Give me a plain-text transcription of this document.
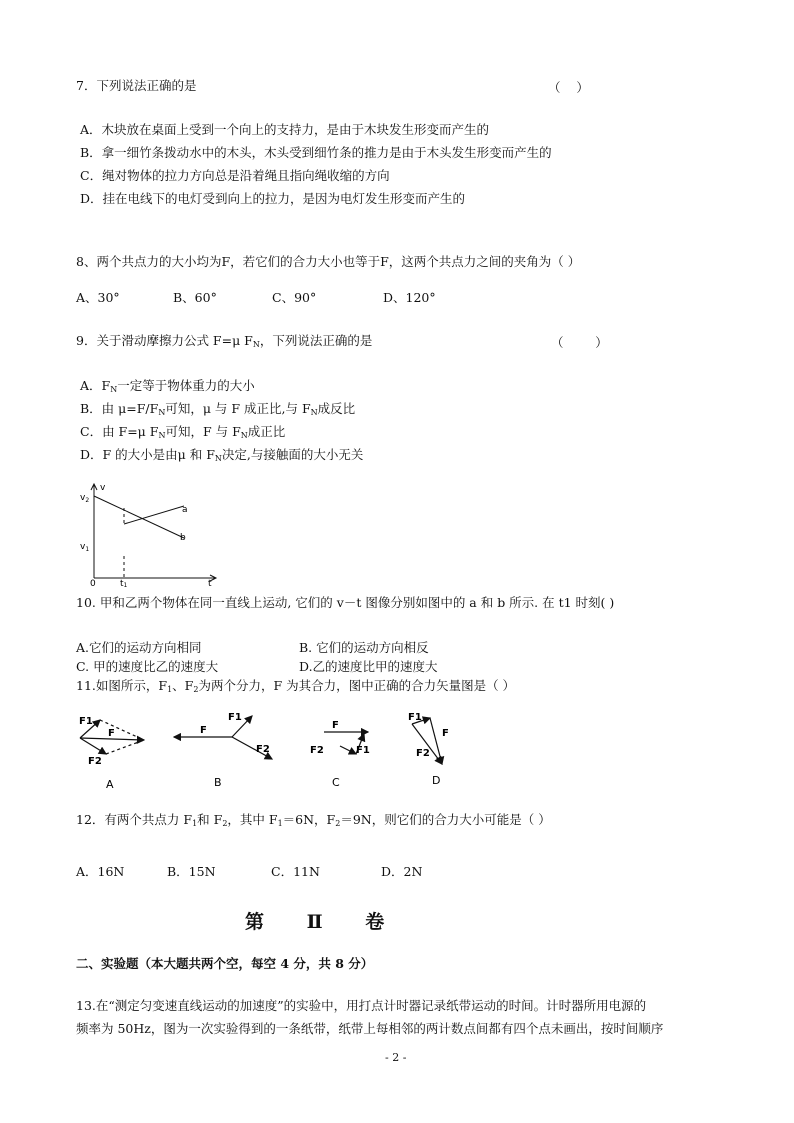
7．下列说法正确的是	（    ）
A．木块放在桌面上受到一个向上的支持力，是由于木块发生形变而产生的
B．拿一细竹条拨动水中的木头，木头受到细竹条的推力是由于木头发生形变而产生的
C．绳对物体的拉力方向总是沿着绳且指向绳收缩的方向
D．挂在电线下的电灯受到向上的拉力，是因为电灯发生形变而产生的
8、两个共点力的大小均为F，若它们的合力大小也等于F，这两个共点力之间的夹角为（ ）
A、30°	B、60°	C、90°	D、120°
9．关于滑动摩擦力公式 F=μ $F_N$，下列说法正确的是	（        ）
A．$F_N$一定等于物体重力的大小
B．由 $\mu=F/F_N$可知，μ 与 F 成正比,与 $F_N$成反比
C．由 F=μ $F_N$可知，F 与 $F_N$成正比
D．F 的大小是由μ 和 $F_N$决定,与接触面的大小无关
$v_2$
$v_1$
v
0	t1	t
a
b
10. 甲和乙两个物体在同一直线上运动, 它们的 v－t 图像分别如图中的 a 和 b 所示. 在 t1 时刻( )
A.它们的运动方向相同	B. 它们的运动方向相反
C. 甲的速度比乙的速度大	D.乙的速度比甲的速度大
11.如图所示，$F_1$、$F_2$为两个分力，F 为其合力，图中正确的合力矢量图是（ ）
F1
F
F2
A
F1
F
F2
B
F
F2	F1
C
F1
F
F2
D
12．有两个共点力 $F_1$和 $F_2$，其中 $F_1=6N$，$F_2=9N$，则它们的合力大小可能是（ ）
A．16N	B．15N	C．11N	D．2N
第 Ⅱ 卷
二、实验题（本大题共两个空，每空 4 分，共 8 分）
13.在“测定匀变速直线运动的加速度”的实验中，用打点计时器记录纸带运动的时间。计时器所用电源的
频率为 50Hz，图为一次实验得到的一条纸带，纸带上每相邻的两计数点间都有四个点未画出，按时间顺序
- 2 -
